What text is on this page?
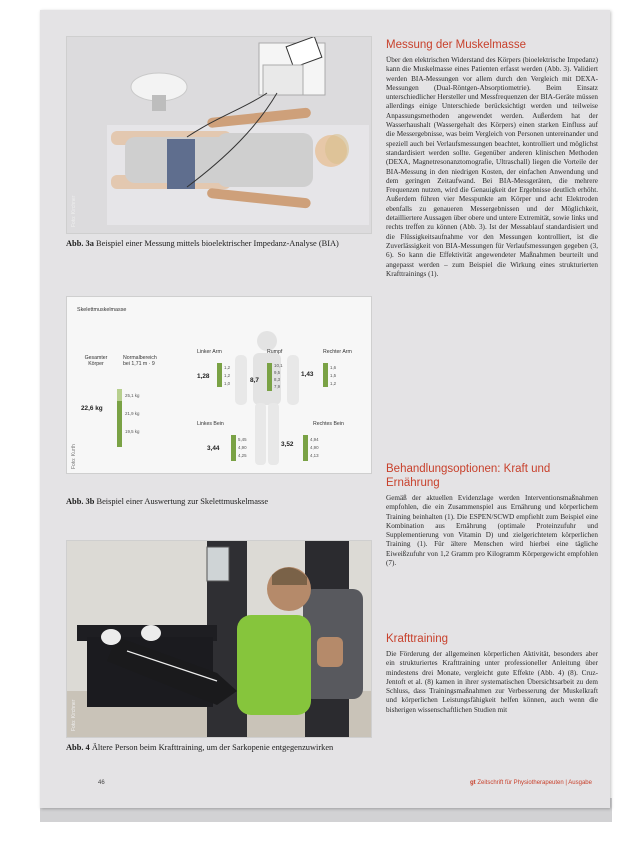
Foto: Kirchner
Abb. 3a Beispiel einer Messung mittels bioelektrischer Impedanz-Analyse (BIA)
Skelettmuskelmasse
Gesamter
Körper
Normalbereich
bei 1,71 m · 9
22,6 kg
25,1 kg
21,9 kg
19,5 kg
Linker Arm
1,28
1,2
1,2
1,0
Rumpf
8,7
10,1
9,5
8,3
7,9
Rechter Arm
1,43
1,6
1,5
1,2
Linkes Bein
3,44
5,45
4,90
4,25
Rechtes Bein
3,52
4,94
4,90
4,13
Foto: Kurth
Abb. 3b Beispiel einer Auswertung zur Skelettmuskelmasse
Foto: Kirchner
Abb. 4 Ältere Person beim Krafttraining, um der Sarkopenie entgegenzuwirken
Messung der Muskelmasse

Über den elektrischen Widerstand des Körpers (bioelektrische Impedanz) kann die Muskelmasse eines Patienten erfasst werden (Abb. 3). Validiert werden BIA-Messungen vor allem durch den Vergleich mit DEXA-Messungen (Dual-Röntgen-Absorptiometrie). Beim Einsatz unterschiedlicher Hersteller und Messfrequenzen der BIA-Geräte müssen allerdings einige Unterschiede berücksichtigt werden und teilweise Anpassungsmethoden angewendet werden. Außerdem hat der Wasserhaushalt (Wassergehalt des Körpers) einen starken Einfluss auf die Messergebnisse, was beim Vergleich von Personen untereinander und speziell auch bei Verlaufsmessungen beachtet, kontrolliert und möglichst standardisiert werden sollte. Gegenüber anderen klinischen Methoden (DEXA, Magnetresonanztomografie, Ultraschall) liegen die Vorteile der BIA-Messung in den niedrigen Kosten, der einfachen Anwendung und dem geringen Zeitaufwand. Bei BIA-Messgeräten, die mehrere Frequenzen nutzen, wird die Genauigkeit der Ergebnisse deutlich erhöht. Außerdem führen vier Messpunkte am Körper und acht Elektroden ebenfalls zu genaueren Messergebnissen und der Möglichkeit, detailliertere Aussagen über obere und untere Extremität, sowie links und rechts treffen zu können (Abb. 3). Ist der Messablauf standardisiert und die Flüssigkeitsaufnahme vor den Messungen kontrolliert, ist die Zuverlässigkeit von BIA-Messungen für Verlaufsmessungen gegeben (3, 6). So kann die Effektivität angewendeter Maßnahmen beurteilt und angepasst werden – zum Beispiel die Wirkung eines strukturierten Krafttrainings (1).

Behandlungsoptionen: Kraft und Ernährung

Gemäß der aktuellen Evidenzlage werden Interventionsmaßnahmen empfohlen, die ein Zusammenspiel aus Ernährung und körperlichem Training beinhalten (1). Die ESPEN/SCWD empfiehlt zum Beispiel eine Kombination aus Ernährung (optimale Proteinzufuhr und Supplementierung von Vitamin D) und zielgerichtetem körperlichen Training (1). Für ältere Menschen wird hierbei eine tägliche Eiweißzufuhr von 1,2 Gramm pro Kilogramm Körpergewicht empfohlen (7).

Krafttraining

Die Förderung der allgemeinen körperlichen Aktivität, besonders aber ein strukturiertes Krafttraining unter professioneller Anleitung über mindestens drei Monate, vergleicht gute Effekte (Abb. 4) (8). Cruz-Jentoft et al. (8) kamen in ihrer systematischen Übersichtsarbeit zu dem Schluss, dass Trainingsmaßnahmen zur Verbesserung der Muskelkraft und körperlichen Leistungsfähigkeit helfen können, auch wenn die bisherigen wissenschaftlichen Studien mit

46	gt Zeitschrift für Physiotherapeuten | Ausgabe
